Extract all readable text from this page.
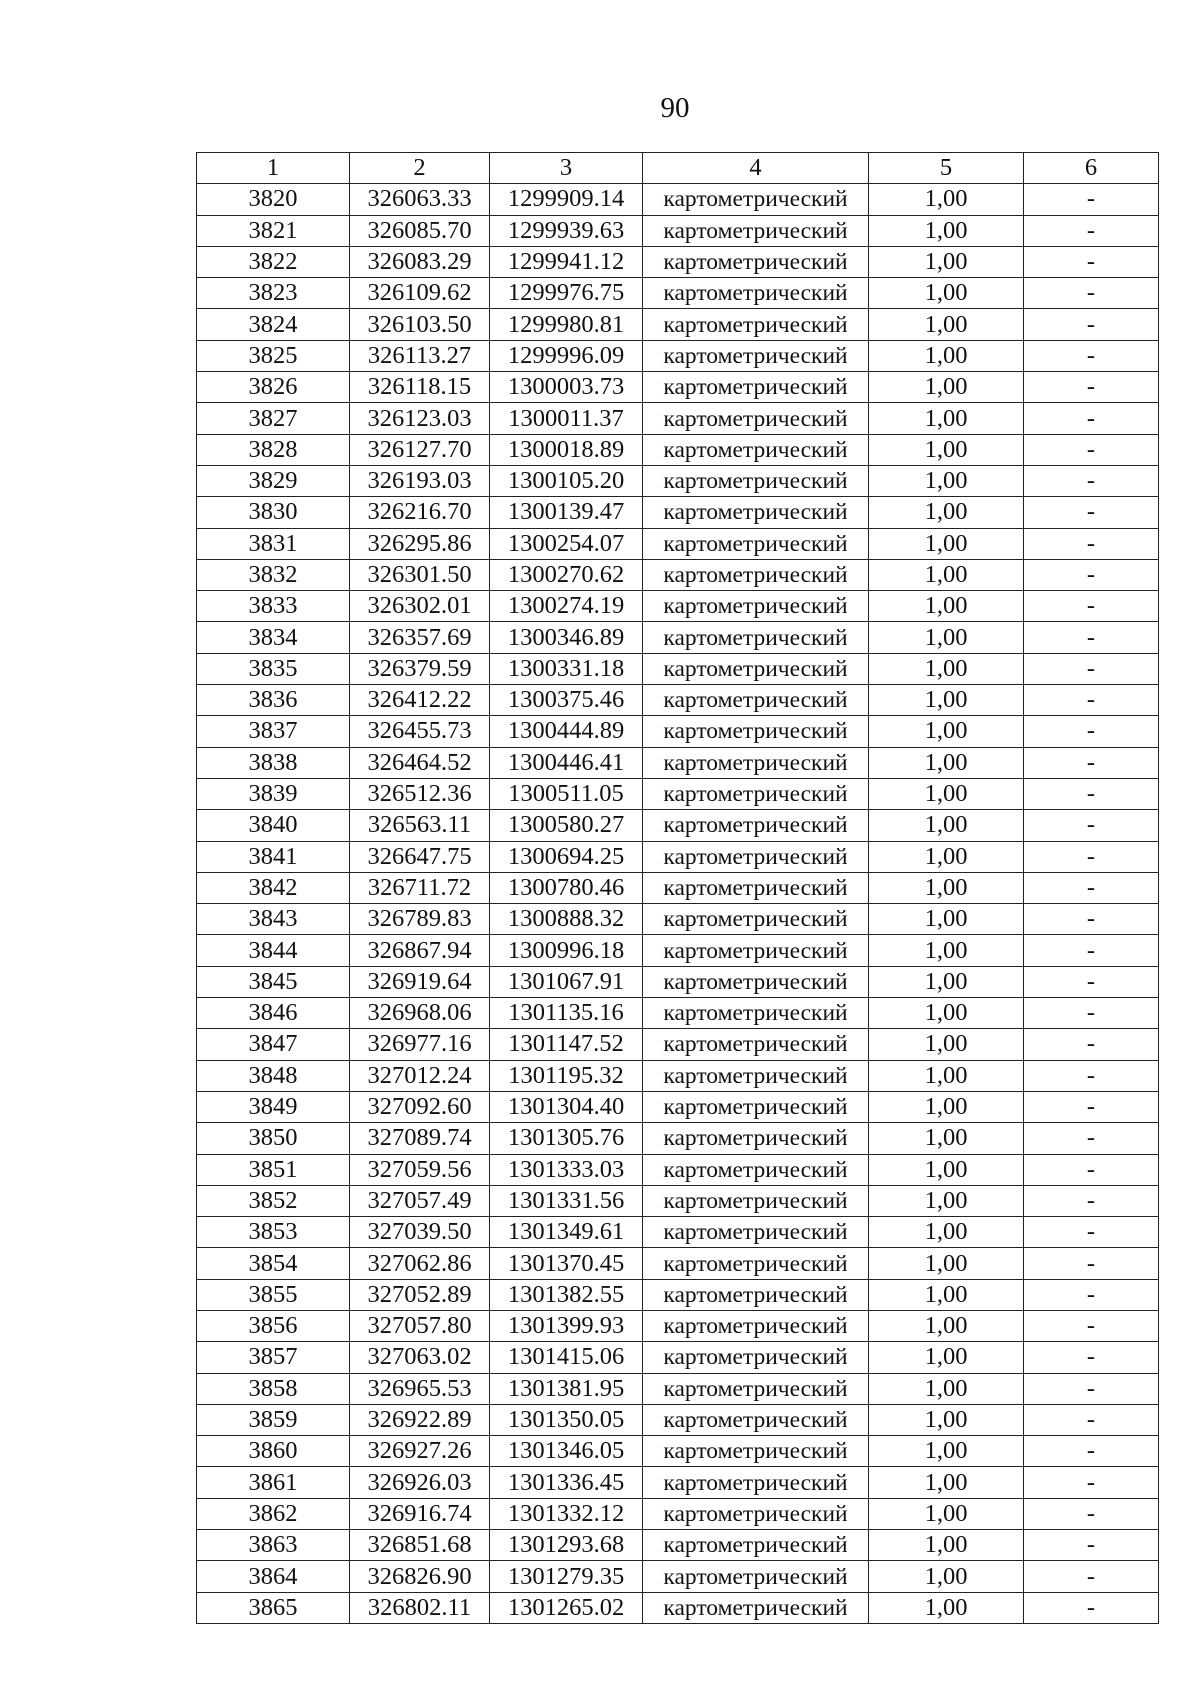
90
1	2	3	4	5	6
3820	326063.33	1299909.14	картометрический	1,00	-
3821	326085.70	1299939.63	картометрический	1,00	-
3822	326083.29	1299941.12	картометрический	1,00	-
3823	326109.62	1299976.75	картометрический	1,00	-
3824	326103.50	1299980.81	картометрический	1,00	-
3825	326113.27	1299996.09	картометрический	1,00	-
3826	326118.15	1300003.73	картометрический	1,00	-
3827	326123.03	1300011.37	картометрический	1,00	-
3828	326127.70	1300018.89	картометрический	1,00	-
3829	326193.03	1300105.20	картометрический	1,00	-
3830	326216.70	1300139.47	картометрический	1,00	-
3831	326295.86	1300254.07	картометрический	1,00	-
3832	326301.50	1300270.62	картометрический	1,00	-
3833	326302.01	1300274.19	картометрический	1,00	-
3834	326357.69	1300346.89	картометрический	1,00	-
3835	326379.59	1300331.18	картометрический	1,00	-
3836	326412.22	1300375.46	картометрический	1,00	-
3837	326455.73	1300444.89	картометрический	1,00	-
3838	326464.52	1300446.41	картометрический	1,00	-
3839	326512.36	1300511.05	картометрический	1,00	-
3840	326563.11	1300580.27	картометрический	1,00	-
3841	326647.75	1300694.25	картометрический	1,00	-
3842	326711.72	1300780.46	картометрический	1,00	-
3843	326789.83	1300888.32	картометрический	1,00	-
3844	326867.94	1300996.18	картометрический	1,00	-
3845	326919.64	1301067.91	картометрический	1,00	-
3846	326968.06	1301135.16	картометрический	1,00	-
3847	326977.16	1301147.52	картометрический	1,00	-
3848	327012.24	1301195.32	картометрический	1,00	-
3849	327092.60	1301304.40	картометрический	1,00	-
3850	327089.74	1301305.76	картометрический	1,00	-
3851	327059.56	1301333.03	картометрический	1,00	-
3852	327057.49	1301331.56	картометрический	1,00	-
3853	327039.50	1301349.61	картометрический	1,00	-
3854	327062.86	1301370.45	картометрический	1,00	-
3855	327052.89	1301382.55	картометрический	1,00	-
3856	327057.80	1301399.93	картометрический	1,00	-
3857	327063.02	1301415.06	картометрический	1,00	-
3858	326965.53	1301381.95	картометрический	1,00	-
3859	326922.89	1301350.05	картометрический	1,00	-
3860	326927.26	1301346.05	картометрический	1,00	-
3861	326926.03	1301336.45	картометрический	1,00	-
3862	326916.74	1301332.12	картометрический	1,00	-
3863	326851.68	1301293.68	картометрический	1,00	-
3864	326826.90	1301279.35	картометрический	1,00	-
3865	326802.11	1301265.02	картометрический	1,00	-
